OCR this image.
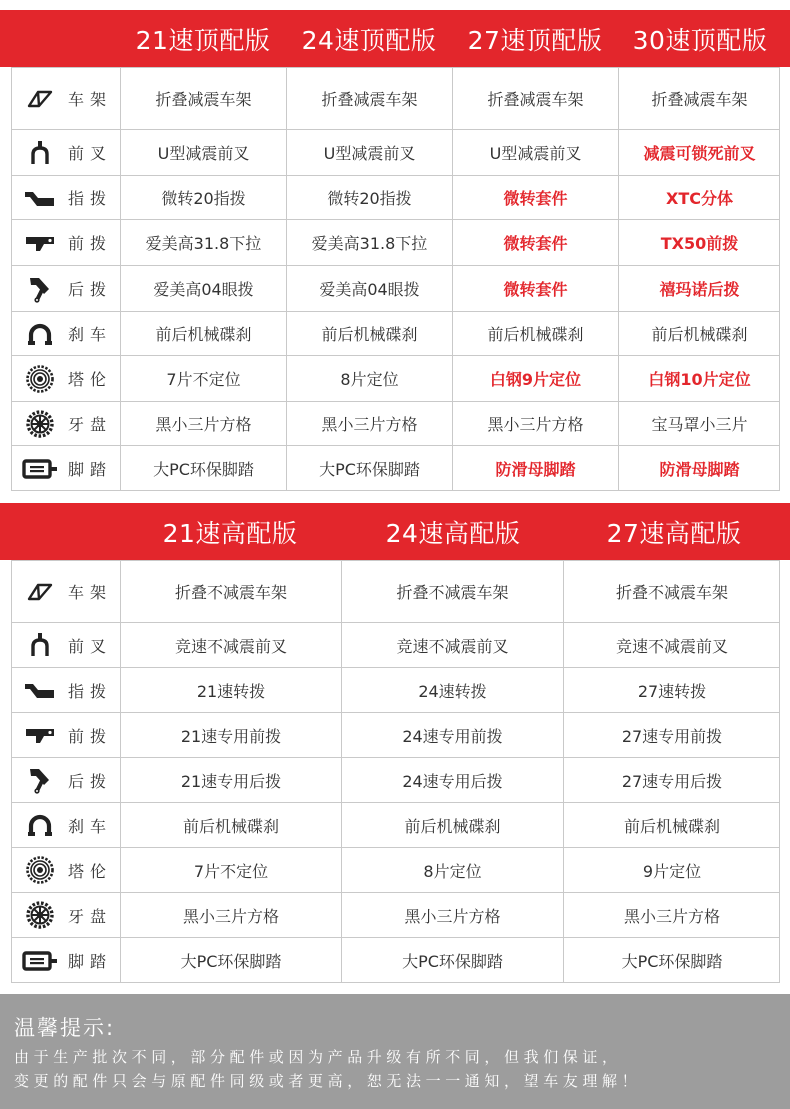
21速顶配版	24速顶配版	27速顶配版	30速顶配版
车架	折叠减震车架	折叠减震车架	折叠减震车架	折叠减震车架
前叉	U型减震前叉	U型减震前叉	U型减震前叉	减震可锁死前叉
指拨	微转20指拨	微转20指拨	微转套件	XTC分体
前拨	爱美高31.8下拉	爱美高31.8下拉	微转套件	TX50前拨
后拨	爱美高04眼拨	爱美高04眼拨	微转套件	禧玛诺后拨
刹车	前后机械碟刹	前后机械碟刹	前后机械碟刹	前后机械碟刹
塔伦	7片不定位	8片定位	白钢9片定位	白钢10片定位
牙盘	黑小三片方格	黑小三片方格	黑小三片方格	宝马罩小三片
脚踏	大PC环保脚踏	大PC环保脚踏	防滑母脚踏	防滑母脚踏
21速高配版	24速高配版	27速高配版
车架	折叠不减震车架	折叠不减震车架	折叠不减震车架
前叉	竞速不减震前叉	竞速不减震前叉	竞速不减震前叉
指拨	21速转拨	24速转拨	27速转拨
前拨	21速专用前拨	24速专用前拨	27速专用前拨
后拨	21速专用后拨	24速专用后拨	27速专用后拨
刹车	前后机械碟刹	前后机械碟刹	前后机械碟刹
塔伦	7片不定位	8片定位	9片定位
牙盘	黑小三片方格	黑小三片方格	黑小三片方格
脚踏	大PC环保脚踏	大PC环保脚踏	大PC环保脚踏
温馨提示:
由于生产批次不同，部分配件或因为产品升级有所不同，但我们保证，
变更的配件只会与原配件同级或者更高，恕无法一一通知，望车友理解！
